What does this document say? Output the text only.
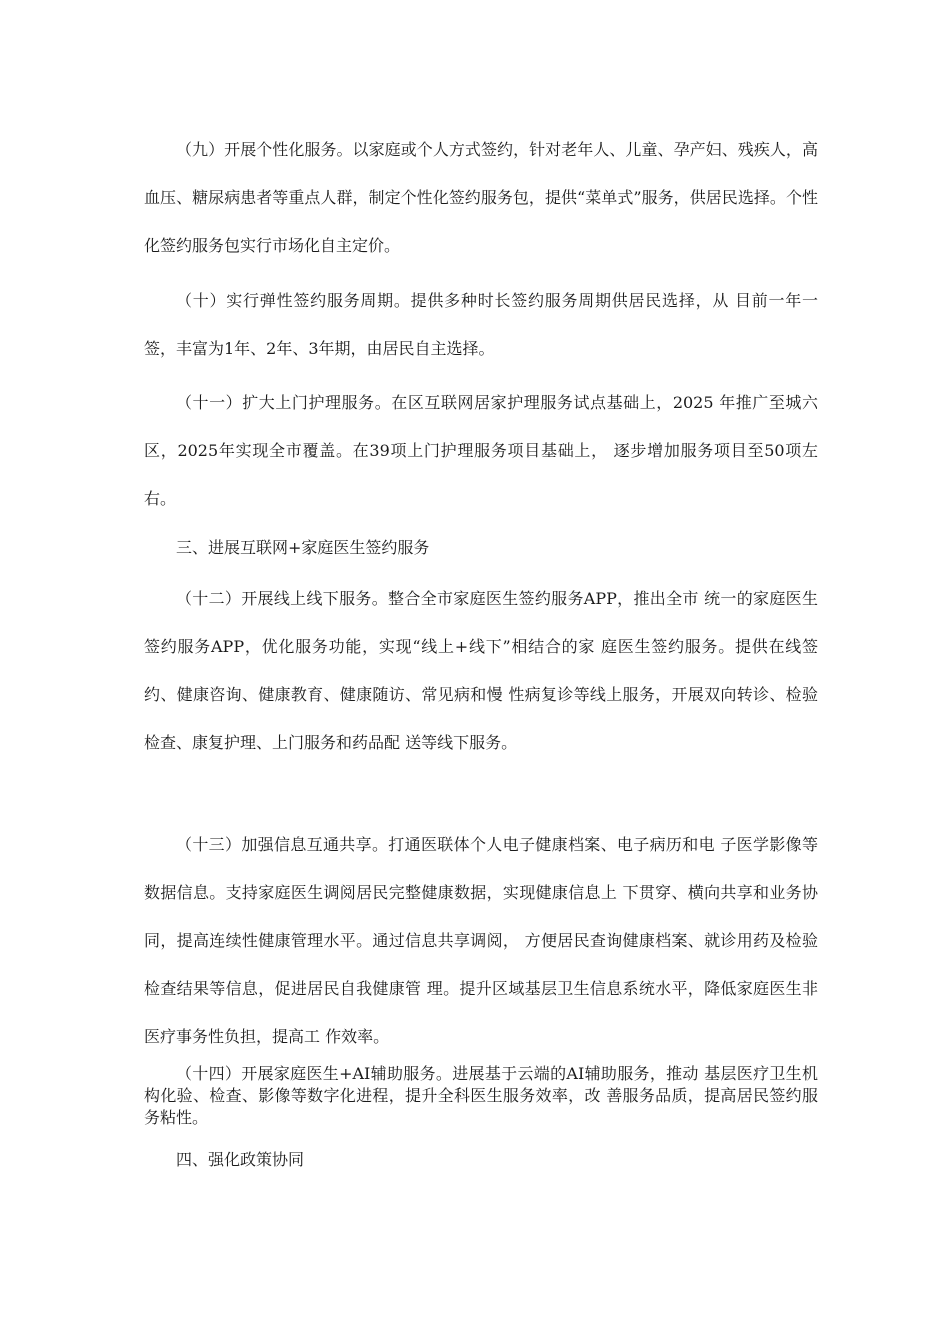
（九）开展个性化服务。以家庭或个人方式签约，针对老年人、儿童、孕产妇、残疾人，高血压、糖尿病患者等重点人群，制定个性化签约服务包，提供“菜单式”服务，供居民选择。个性化签约服务包实行市场化自主定价。

（十）实行弹性签约服务周期。提供多种时长签约服务周期供居民选择，从 目前一年一签，丰富为1年、2年、3年期，由居民自主选择。

（十一）扩大上门护理服务。在区互联网居家护理服务试点基础上，2025 年推广至城六区，2025年实现全市覆盖。在39项上门护理服务项目基础上， 逐步增加服务项目至50项左右。

三、进展互联网+家庭医生签约服务

（十二）开展线上线下服务。整合全市家庭医生签约服务APP，推出全市 统一的家庭医生签约服务APP，优化服务功能，实现“线上+线下”相结合的家 庭医生签约服务。提供在线签约、健康咨询、健康教育、健康随访、常见病和慢 性病复诊等线上服务，开展双向转诊、检验检查、康复护理、上门服务和药品配 送等线下服务。

（十三）加强信息互通共享。打通医联体个人电子健康档案、电子病历和电 子医学影像等数据信息。支持家庭医生调阅居民完整健康数据，实现健康信息上 下贯穿、横向共享和业务协同，提高连续性健康管理水平。通过信息共享调阅， 方便居民查询健康档案、就诊用药及检验检查结果等信息，促进居民自我健康管 理。提升区域基层卫生信息系统水平，降低家庭医生非医疗事务性负担，提高工 作效率。

（十四）开展家庭医生+AI辅助服务。进展基于云端的AI辅助服务，推动 基层医疗卫生机构化验、检查、影像等数字化进程，提升全科医生服务效率，改 善服务品质，提高居民签约服务粘性。

四、强化政策协同
